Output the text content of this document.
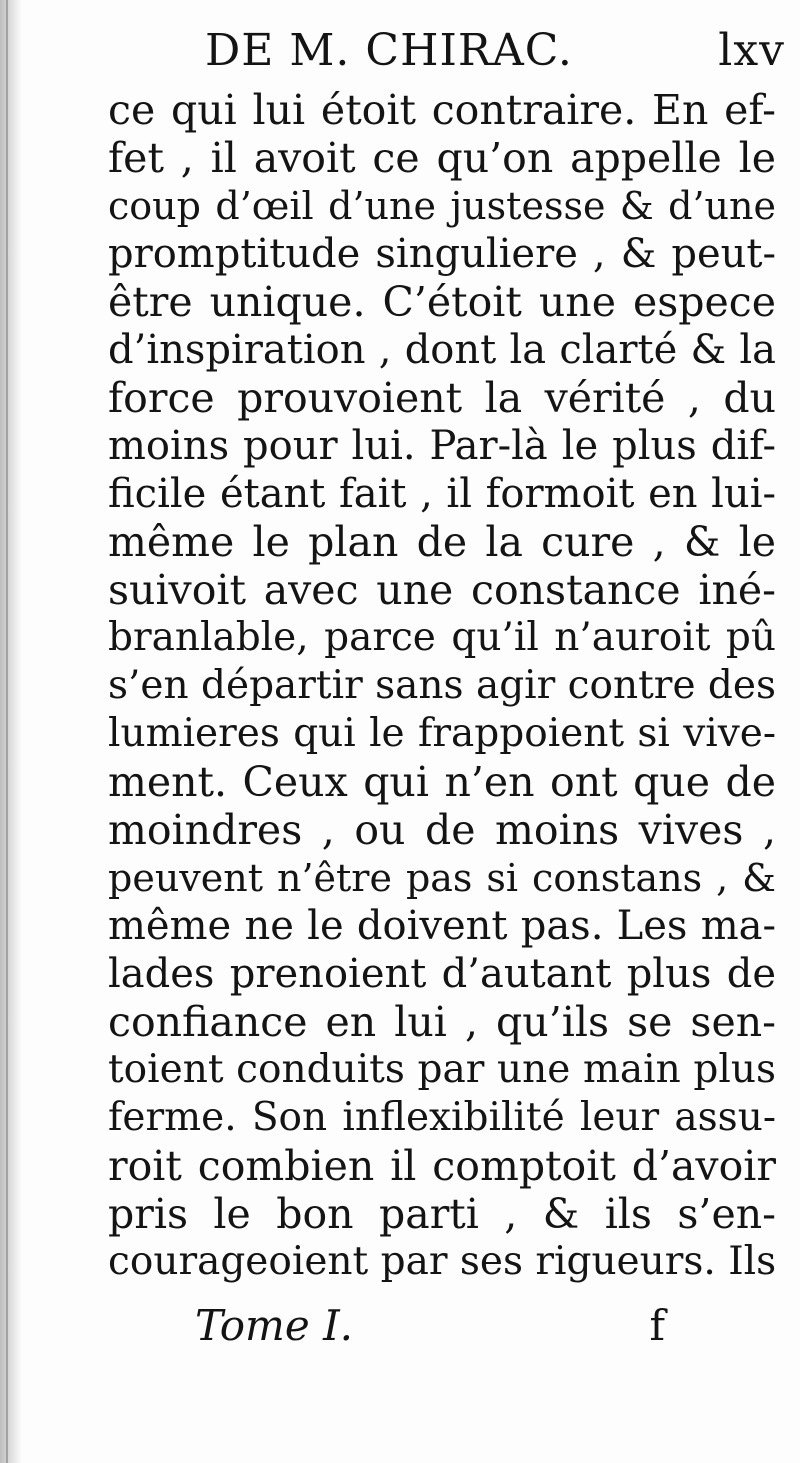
DE M. CHIRAC.	lxv
ce qui lui étoit contraire. En ef-
fet , il avoit ce qu’on appelle le
coup d’œil d’une justesse & d’une
promptitude singuliere , & peut-
être unique. C’étoit une espece
d’inspiration , dont la clarté & la
force prouvoient la vérité , du
moins pour lui. Par-là le plus dif-
ficile étant fait , il formoit en lui-
même le plan de la cure , & le
suivoit avec une constance iné-
branlable, parce qu’il n’auroit pû
s’en départir sans agir contre des
lumieres qui le frappoient si vive-
ment. Ceux qui n’en ont que de
moindres , ou de moins vives ,
peuvent n’être pas si constans , &
même ne le doivent pas. Les ma-
lades prenoient d’autant plus de
confiance en lui , qu’ils se sen-
toient conduits par une main plus
ferme. Son inflexibilité leur assu-
roit combien il comptoit d’avoir
pris le bon parti , & ils s’en-
courageoient par ses rigueurs. Ils
Tome I.	f
